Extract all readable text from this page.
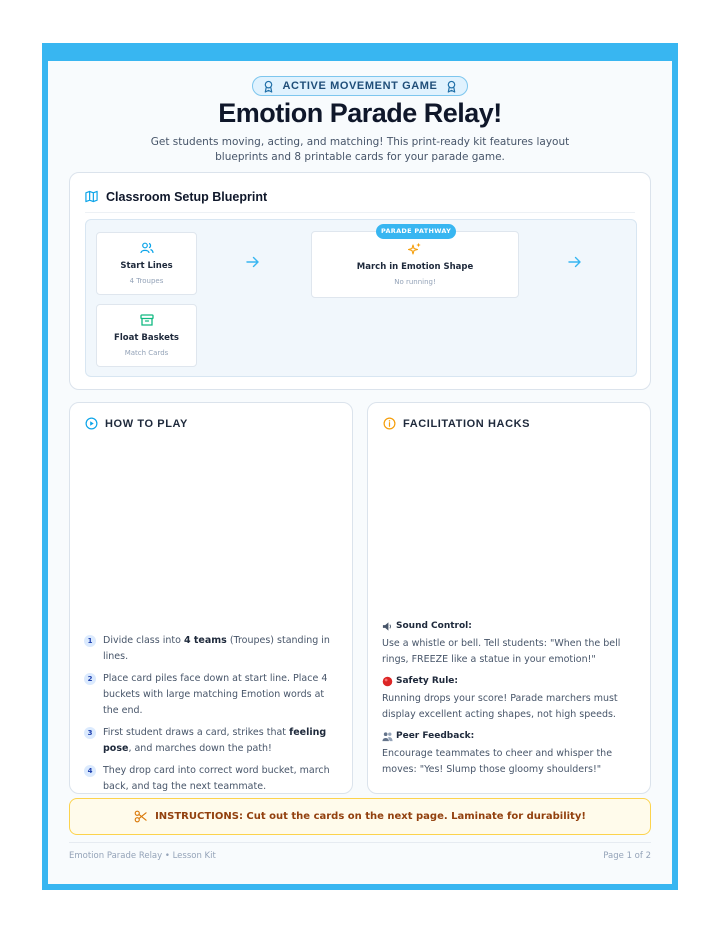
ACTIVE MOVEMENT GAME
Emotion Parade Relay!

Get students moving, acting, and matching! This print-ready kit features layout blueprints and 8 printable cards for your parade game.

Classroom Setup Blueprint
Start Lines
4 Troupes
Float Baskets
Match Cards
March in Emotion Shape
No running!
PARADE PATHWAY
HOW TO PLAY
1	Divide class into 4 teams (Troupes) standing in lines.
2	Place card piles face down at start line. Place 4 buckets with large matching Emotion words at the end.
3	First student draws a card, strikes that feeling pose, and marches down the path!
4	They drop card into correct word bucket, march back, and tag the next teammate.
FACILITATION HACKS
Sound Control:
Use a whistle or bell. Tell students: "When the bell rings, FREEZE like a statue in your emotion!"
Safety Rule:
Running drops your score! Parade marchers must display excellent acting shapes, not high speeds.
Peer Feedback:
Encourage teammates to cheer and whisper the moves: "Yes! Slump those gloomy shoulders!"
INSTRUCTIONS: Cut out the cards on the next page. Laminate for durability!
Emotion Parade Relay • Lesson Kit	Page 1 of 2
